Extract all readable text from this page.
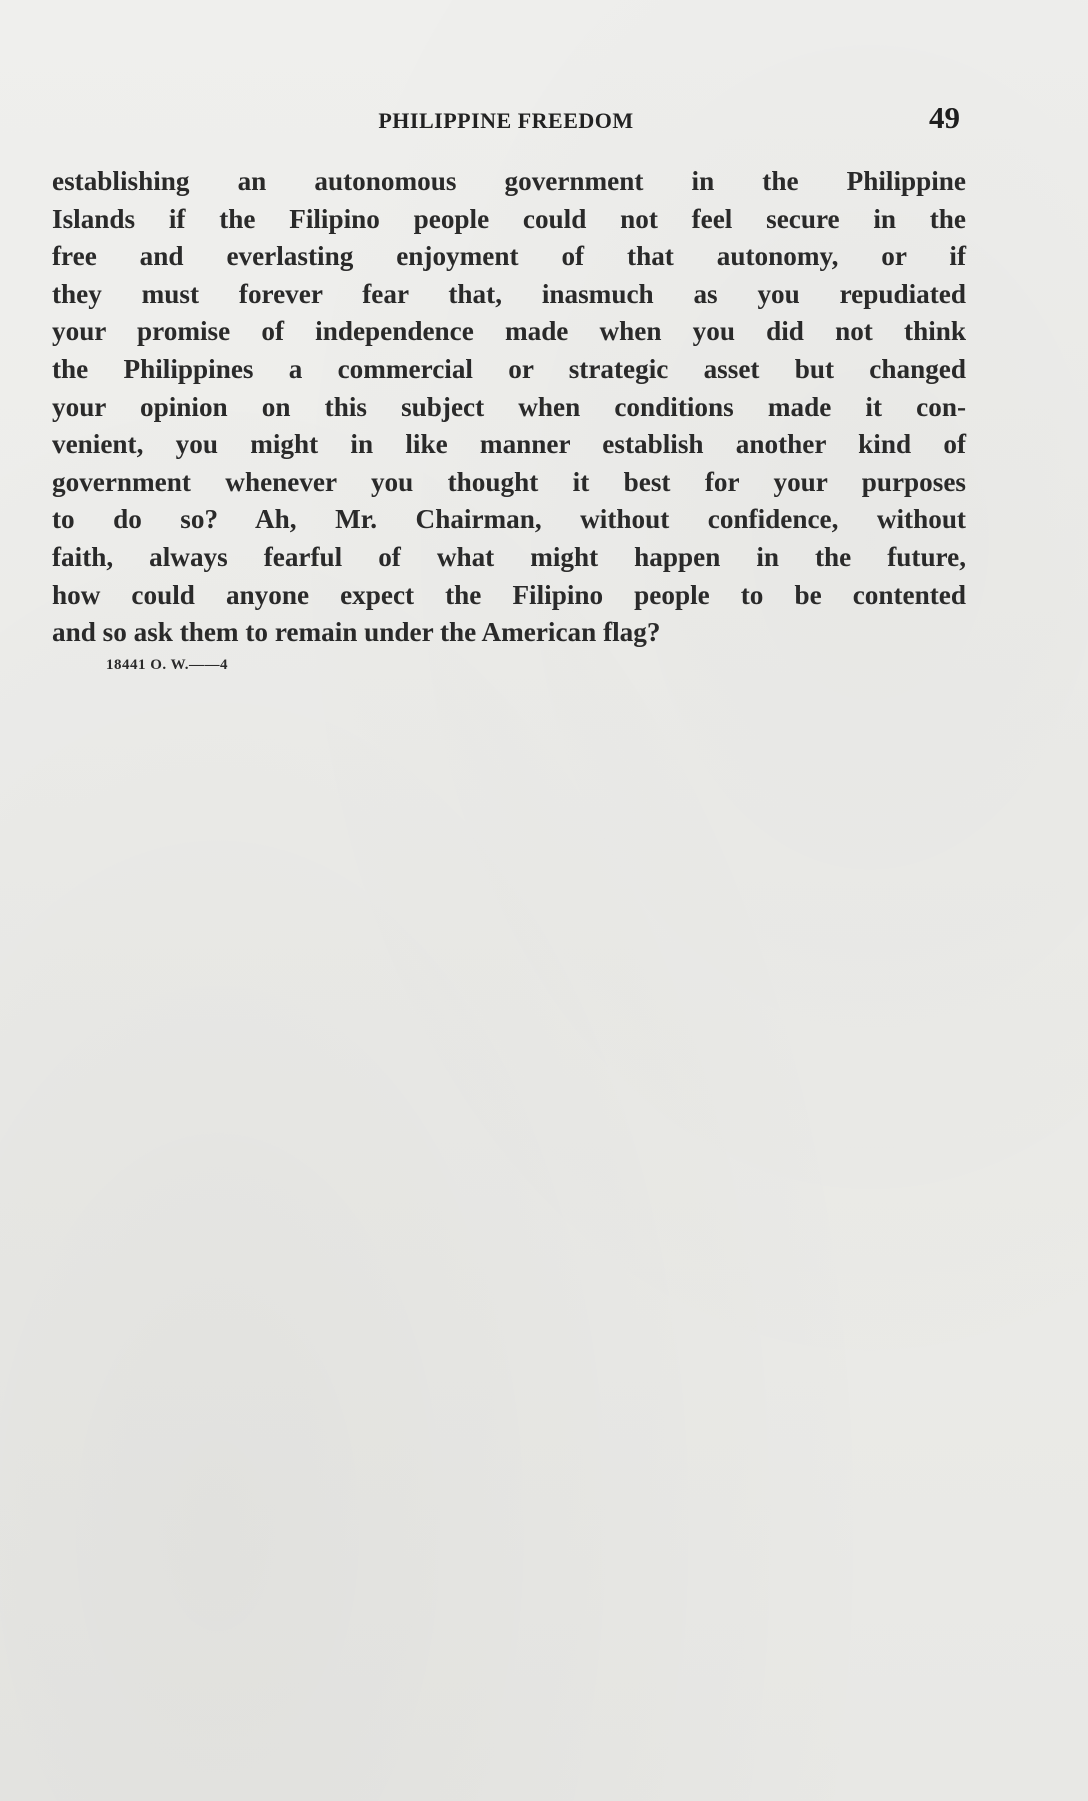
PHILIPPINE FREEDOM	49

establishing an autonomous government in the Philippine
Islands if the Filipino people could not feel secure in the
free and everlasting enjoyment of that autonomy, or if
they must forever fear that, inasmuch as you repudiated
your promise of independence made when you did not think
the Philippines a commercial or strategic asset but changed
your opinion on this subject when conditions made it con-
venient, you might in like manner establish another kind of
government whenever you thought it best for your purposes
to do so? Ah, Mr. Chairman, without confidence, without
faith, always fearful of what might happen in the future,
how could anyone expect the Filipino people to be contented
and so ask them to remain under the American flag?

18441 O. W.——4
